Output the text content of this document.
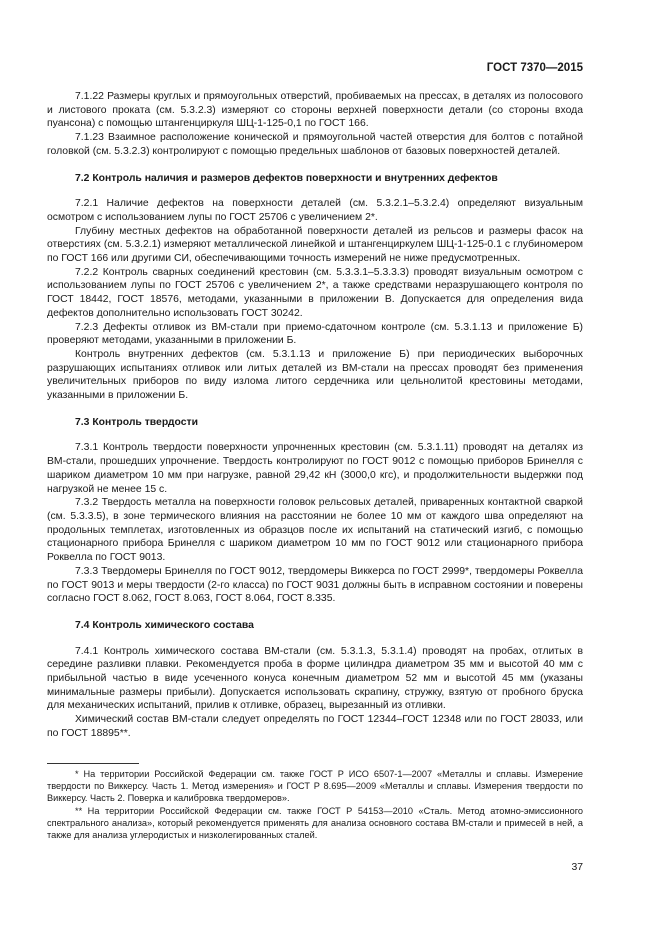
ГОСТ 7370—2015

7.1.22 Размеры круглых и прямоугольных отверстий, пробиваемых на прессах, в деталях из полосового и листового проката (см. 5.3.2.3) измеряют со стороны верхней поверхности детали (со стороны входа пуансона) с помощью штангенциркуля ШЦ-1-125-0,1 по ГОСТ 166.

7.1.23 Взаимное расположение конической и прямоугольной частей отверстия для болтов с потайной головкой (см. 5.3.2.3) контролируют с помощью предельных шаблонов от базовых поверхностей деталей.

7.2 Контроль наличия и размеров дефектов поверхности и внутренних дефектов

7.2.1 Наличие дефектов на поверхности деталей (см. 5.3.2.1–5.3.2.4) определяют визуальным осмотром с использованием лупы по ГОСТ 25706 с увеличением 2*.

Глубину местных дефектов на обработанной поверхности деталей из рельсов и размеры фасок на отверстиях (см. 5.3.2.1) измеряют металлической линейкой и штангенциркулем ШЦ-1-125-0.1 с глубиномером по ГОСТ 166 или другими СИ, обеспечивающими точность измерений не ниже предусмотренных.

7.2.2 Контроль сварных соединений крестовин (см. 5.3.3.1–5.3.3.3) проводят визуальным осмотром с использованием лупы по ГОСТ 25706 с увеличением 2*, а также средствами неразрушающего контроля по ГОСТ 18442, ГОСТ 18576, методами, указанными в приложении В. Допускается для определения вида дефектов дополнительно использовать ГОСТ 30242.

7.2.3 Дефекты отливок из ВМ-стали при приемо-сдаточном контроле (см. 5.3.1.13 и приложение Б) проверяют методами, указанными в приложении Б.

Контроль внутренних дефектов (см. 5.3.1.13 и приложение Б) при периодических выборочных разрушающих испытаниях отливок или литых деталей из ВМ-стали на прессах проводят без применения увеличительных приборов по виду излома литого сердечника или цельнолитой крестовины методами, указанными в приложении Б.

7.3 Контроль твердости

7.3.1 Контроль твердости поверхности упрочненных крестовин (см. 5.3.1.11) проводят на деталях из ВМ-стали, прошедших упрочнение. Твердость контролируют по ГОСТ 9012 с помощью приборов Бринелля с шариком диаметром 10 мм при нагрузке, равной 29,42 кН (3000,0 кгс), и продолжительности выдержки под нагрузкой не менее 15 с.

7.3.2 Твердость металла на поверхности головок рельсовых деталей, приваренных контактной сваркой (см. 5.3.3.5), в зоне термического влияния на расстоянии не более 10 мм от каждого шва определяют на продольных темплетах, изготовленных из образцов после их испытаний на статический изгиб, с помощью стационарного прибора Бринелля с шариком диаметром 10 мм по ГОСТ 9012 или стационарного прибора Роквелла по ГОСТ 9013.

7.3.3 Твердомеры Бринелля по ГОСТ 9012, твердомеры Виккерса по ГОСТ 2999*, твердомеры Роквелла по ГОСТ 9013 и меры твердости (2-го класса) по ГОСТ 9031 должны быть в исправном состоянии и поверены согласно ГОСТ 8.062, ГОСТ 8.063, ГОСТ 8.064, ГОСТ 8.335.

7.4 Контроль химического состава

7.4.1 Контроль химического состава ВМ-стали (см. 5.3.1.3, 5.3.1.4) проводят на пробах, отлитых в середине разливки плавки. Рекомендуется проба в форме цилиндра диаметром 35 мм и высотой 40 мм с прибыльной частью в виде усеченного конуса конечным диаметром 52 мм и высотой 45 мм (указаны минимальные размеры прибыли). Допускается использовать скрапину, стружку, взятую от пробного бруска для механических испытаний, прилив к отливке, образец, вырезанный из отливки.

Химический состав ВМ-стали следует определять по ГОСТ 12344–ГОСТ 12348 или по ГОСТ 28033, или по ГОСТ 18895**.

* На территории Российской Федерации см. также ГОСТ Р ИСО 6507-1—2007 «Металлы и сплавы. Измерение твердости по Виккерсу. Часть 1. Метод измерения» и ГОСТ Р 8.695—2009 «Металлы и сплавы. Измерения твердости по Виккерсу. Часть 2. Поверка и калибровка твердомеров».

** На территории Российской Федерации см. также ГОСТ Р 54153—2010 «Сталь. Метод атомно-эмиссионного спектрального анализа», который рекомендуется применять для анализа основного состава ВМ-стали и примесей в ней, а также для анализа углеродистых и низколегированных сталей.

37
